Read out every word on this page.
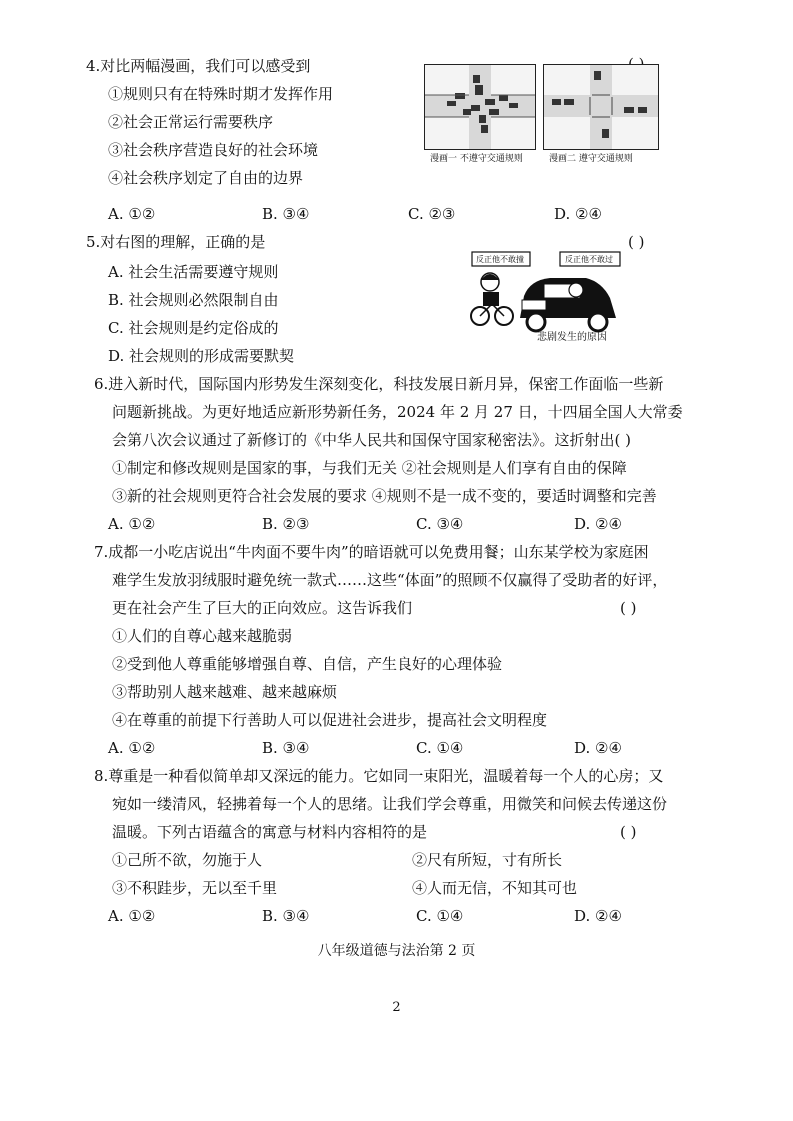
4.对比两幅漫画，我们可以感受到
①规则只有在特殊时期才发挥作用
②社会正常运行需要秩序
③社会秩序营造良好的社会环境
④社会秩序划定了自由的边界
漫画一 不遵守交通规则	漫画二 遵守交通规则
A. ①②	B. ③④	C. ②③	D. ②④
5.对右图的理解，正确的是	( )
A. 社会生活需要遵守规则
B. 社会规则必然限制自由
C. 社会规则是约定俗成的
D. 社会规则的形成需要默契
反正他不敢撞	反正他不敢过
悲剧发生的原因
6.进入新时代，国际国内形势发生深刻变化，科技发展日新月异，保密工作面临一些新
问题新挑战。为更好地适应新形势新任务，2024 年 2 月 27 日，十四届全国人大常委
会第八次会议通过了新修订的《中华人民共和国保守国家秘密法》。这折射出( )
①制定和修改规则是国家的事，与我们无关 ②社会规则是人们享有自由的保障
③新的社会规则更符合社会发展的要求 ④规则不是一成不变的，要适时调整和完善
A. ①②	B. ②③	C. ③④	D. ②④
7.成都一小吃店说出“牛肉面不要牛肉”的暗语就可以免费用餐；山东某学校为家庭困
难学生发放羽绒服时避免统一款式……这些“体面”的照顾不仅赢得了受助者的好评，
更在社会产生了巨大的正向效应。这告诉我们	( )
①人们的自尊心越来越脆弱
②受到他人尊重能够增强自尊、自信，产生良好的心理体验
③帮助别人越来越难、越来越麻烦
④在尊重的前提下行善助人可以促进社会进步，提高社会文明程度
A. ①②	B. ③④	C. ①④	D. ②④
8.尊重是一种看似简单却又深远的能力。它如同一束阳光，温暖着每一个人的心房；又
宛如一缕清风，轻拂着每一个人的思绪。让我们学会尊重，用微笑和问候去传递这份
温暖。下列古语蕴含的寓意与材料内容相符的是	( )
①己所不欲，勿施于人	②尺有所短，寸有所长
③不积跬步，无以至千里	④人而无信，不知其可也
A. ①②	B. ③④	C. ①④	D. ②④
八年级道德与法治第 2 页
2
